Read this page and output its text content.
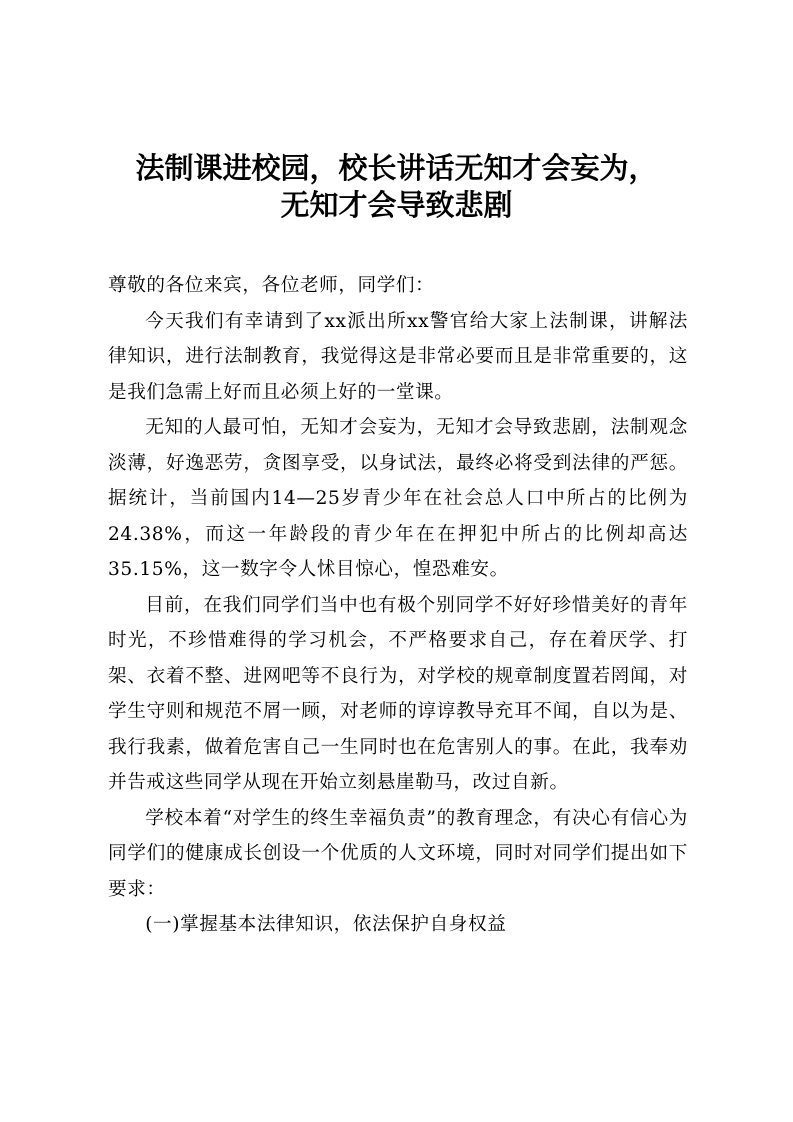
法制课进校园，校长讲话无知才会妄为，
无知才会导致悲剧

尊敬的各位来宾，各位老师，同学们：

今天我们有幸请到了xx派出所xx警官给大家上法制课，讲解法律知识，进行法制教育，我觉得这是非常必要而且是非常重要的，这是我们急需上好而且必须上好的一堂课。

无知的人最可怕，无知才会妄为，无知才会导致悲剧，法制观念淡薄，好逸恶劳，贪图享受，以身试法，最终必将受到法律的严惩。据统计，当前国内14—25岁青少年在社会总人口中所占的比例为24.38%，而这一年龄段的青少年在在押犯中所占的比例却高达35.15%，这一数字令人怵目惊心，惶恐难安。

目前，在我们同学们当中也有极个别同学不好好珍惜美好的青年时光，不珍惜难得的学习机会，不严格要求自己，存在着厌学、打架、衣着不整、进网吧等不良行为，对学校的规章制度置若罔闻，对学生守则和规范不屑一顾，对老师的谆谆教导充耳不闻，自以为是、我行我素，做着危害自己一生同时也在危害别人的事。在此，我奉劝并告戒这些同学从现在开始立刻悬崖勒马，改过自新。

学校本着“对学生的终生幸福负责”的教育理念，有决心有信心为同学们的健康成长创设一个优质的人文环境，同时对同学们提出如下要求：

(一)掌握基本法律知识，依法保护自身权益
